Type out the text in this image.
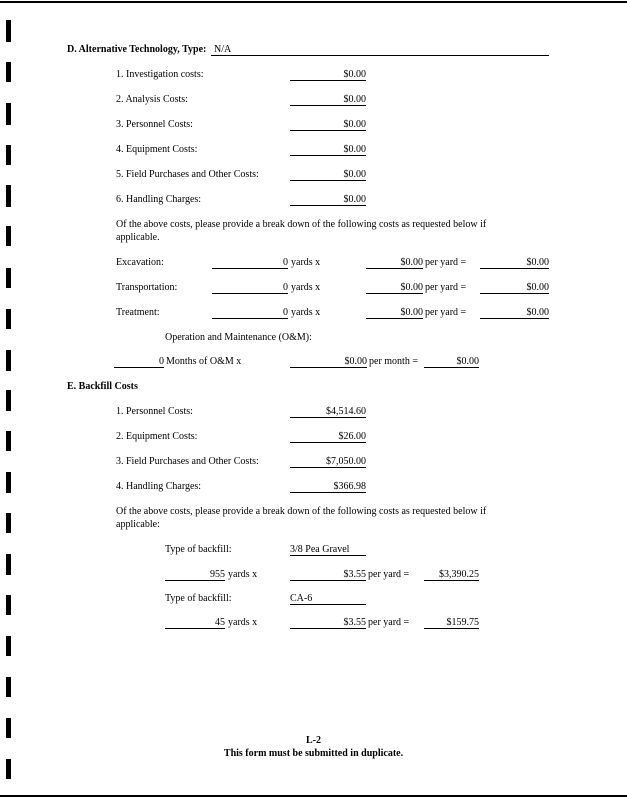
D. Alternative Technology, Type: N/A
1. Investigation costs:	$0.00
2. Analysis Costs:	$0.00
3. Personnel Costs:	$0.00
4. Equipment Costs:	$0.00
5. Field Purchases and Other Costs:	$0.00
6. Handling Charges:	$0.00
Of the above costs, please provide a break down of the following costs as requested below if
applicable.
Excavation:	0 yards x	$0.00 per yard =	$0.00
Transportation:	0 yards x	$0.00 per yard =	$0.00
Treatment:	0 yards x	$0.00 per yard =	$0.00
Operation and Maintenance (O&M):
0 Months of O&M x	$0.00 per month =	$0.00
E. Backfill Costs
1. Personnel Costs:	$4,514.60
2. Equipment Costs:	$26.00
3. Field Purchases and Other Costs:	$7,050.00
4. Handling Charges:	$366.98
Of the above costs, please provide a break down of the following costs as requested below if
applicable:
Type of backfill:	3/8 Pea Gravel
955 yards x	$3.55 per yard =	$3,390.25
Type of backfill:	CA-6
45 yards x	$3.55 per yard =	$159.75
L-2
This form must be submitted in duplicate.
